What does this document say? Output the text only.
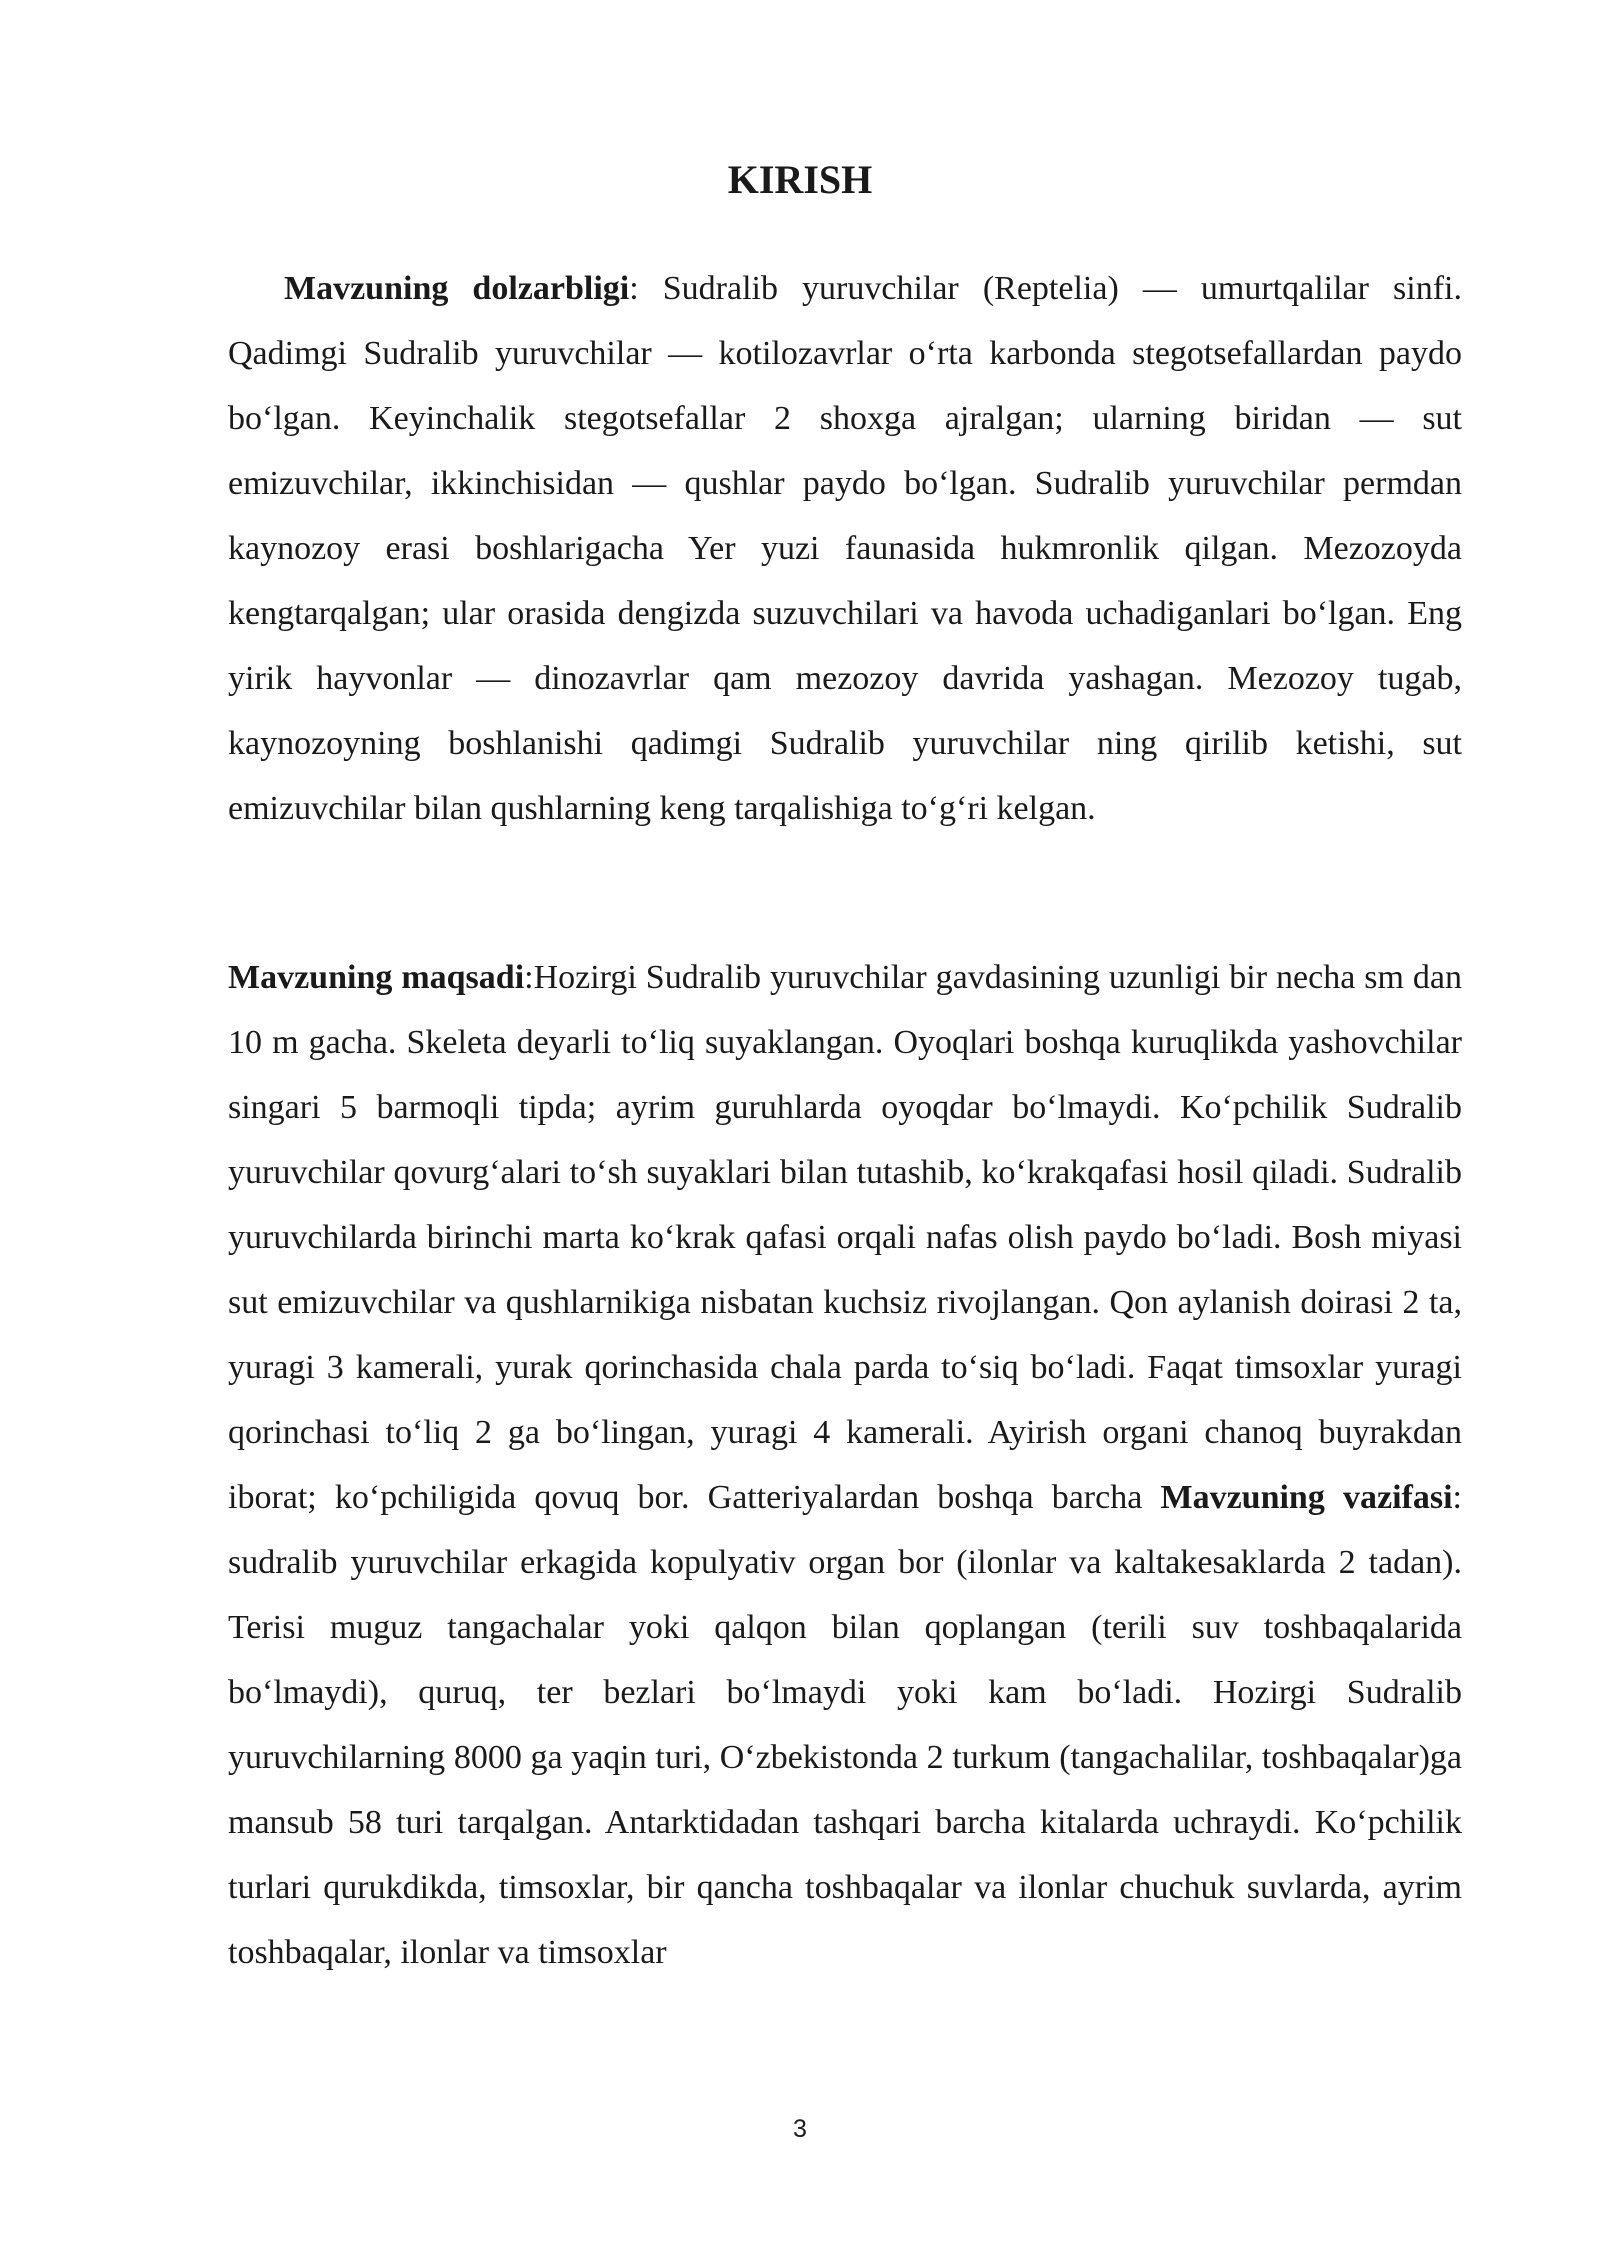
KIRISH

Mavzuning dolzarbligi: Sudralib yuruvchilar (Reptelia) — umurtqalilar sinfi. Qadimgi Sudralib yuruvchilar — kotilozavrlar oʻrta karbonda stegotsefallardan paydo boʻlgan. Keyinchalik stegotsefallar 2 shoxga ajralgan; ularning biridan — sut emizuvchilar, ikkinchisidan — qushlar paydo boʻlgan. Sudralib yuruvchilar permdan kaynozoy erasi boshlarigacha Yer yuzi faunasida hukmronlik qilgan. Mezozoyda kengtarqalgan; ular orasida dengizda suzuvchilari va havoda uchadiganlari boʻlgan. Eng yirik hayvonlar — dinozavrlar qam mezozoy davrida yashagan. Mezozoy tugab, kaynozoyning boshlanishi qadimgi Sudralib yuruvchilar ning qirilib ketishi, sut emizuvchilar bilan qushlarning keng tarqalishiga toʻgʻri kelgan.

Mavzuning maqsadi:Hozirgi Sudralib yuruvchilar gavdasining uzunligi bir necha sm dan 10 m gacha. Skeleta deyarli toʻliq suyaklangan. Oyoqlari boshqa kuruqlikda yashovchilar singari 5 barmoqli tipda; ayrim guruhlarda oyoqdar boʻlmaydi. Koʻpchilik Sudralib yuruvchilar qovurgʻalari toʻsh suyaklari bilan tutashib, koʻkrakqafasi hosil qiladi. Sudralib yuruvchilarda birinchi marta koʻkrak qafasi orqali nafas olish paydo boʻladi. Bosh miyasi sut emizuvchilar va qushlarnikiga nisbatan kuchsiz rivojlangan. Qon aylanish doirasi 2 ta, yuragi 3 kamerali, yurak qorinchasida chala parda toʻsiq boʻladi. Faqat timsoxlar yuragi qorinchasi toʻliq 2 ga boʻlingan, yuragi 4 kamerali. Ayirish organi chanoq buyrakdan iborat; koʻpchiligida qovuq bor. Gatteriyalardan boshqa barcha Mavzuning vazifasi: sudralib yuruvchilar erkagida kopulyativ organ bor (ilonlar va kaltakesaklarda 2 tadan). Terisi muguz tangachalar yoki qalqon bilan qoplangan (terili suv toshbaqalarida boʻlmaydi), quruq, ter bezlari boʻlmaydi yoki kam boʻladi. Hozirgi Sudralib yuruvchilarning 8000 ga yaqin turi, Oʻzbekistonda 2 turkum (tangachalilar, toshbaqalar)ga mansub 58 turi tarqalgan. Antarktidadan tashqari barcha kitalarda uchraydi. Koʻpchilik turlari qurukdikda, timsoxlar, bir qancha toshbaqalar va ilonlar chuchuk suvlarda, ayrim toshbaqalar, ilonlar va timsoxlar

3
